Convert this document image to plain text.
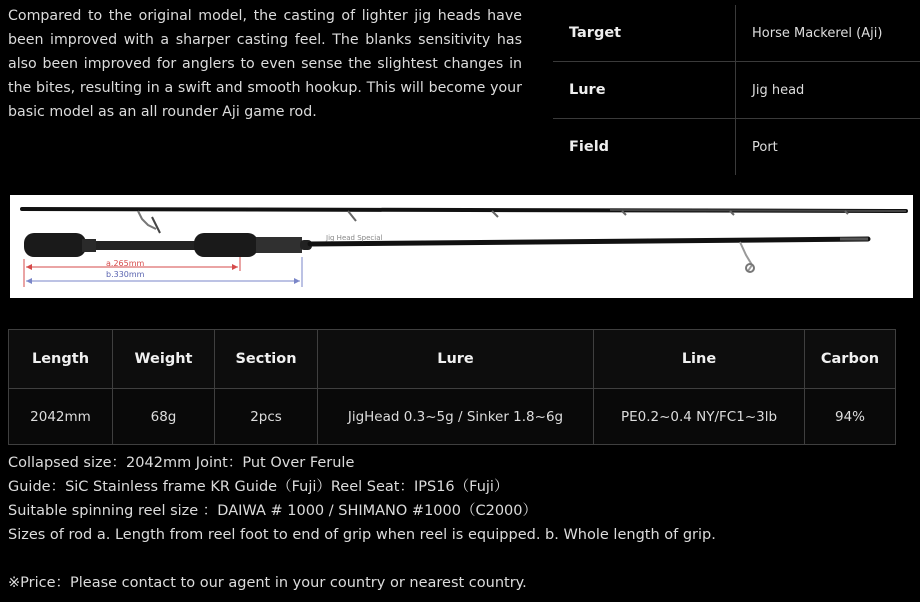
Compared to the original model, the casting of lighter jig heads have been improved with a sharper casting feel. The blanks sensitivity has also been improved for anglers to even sense the slightest changes in the bites, resulting in a swift and smooth hookup. This will become your basic model as an all rounder Aji game rod.
Target	Horse Mackerel (Aji)
Lure	Jig head
Field	Port
Jig Head Special
a.265mm
b.330mm
Length	Weight	Section	Lure	Line	Carbon
2042mm	68g	2pcs	JigHead 0.3~5g / Sinker 1.8~6g	PE0.2~0.4 NY/FC1~3lb	94%

Collapsed size：2042mm Joint：Put Over Ferule

Guide：SiC Stainless frame KR Guide（Fuji）Reel Seat：IPS16（Fuji）

Suitable spinning reel size ：DAIWA # 1000 / SHIMANO #1000（C2000）

Sizes of rod a. Length from reel foot to end of grip when reel is equipped. b. Whole length of grip.

※Price：Please contact to our agent in your country or nearest country.
